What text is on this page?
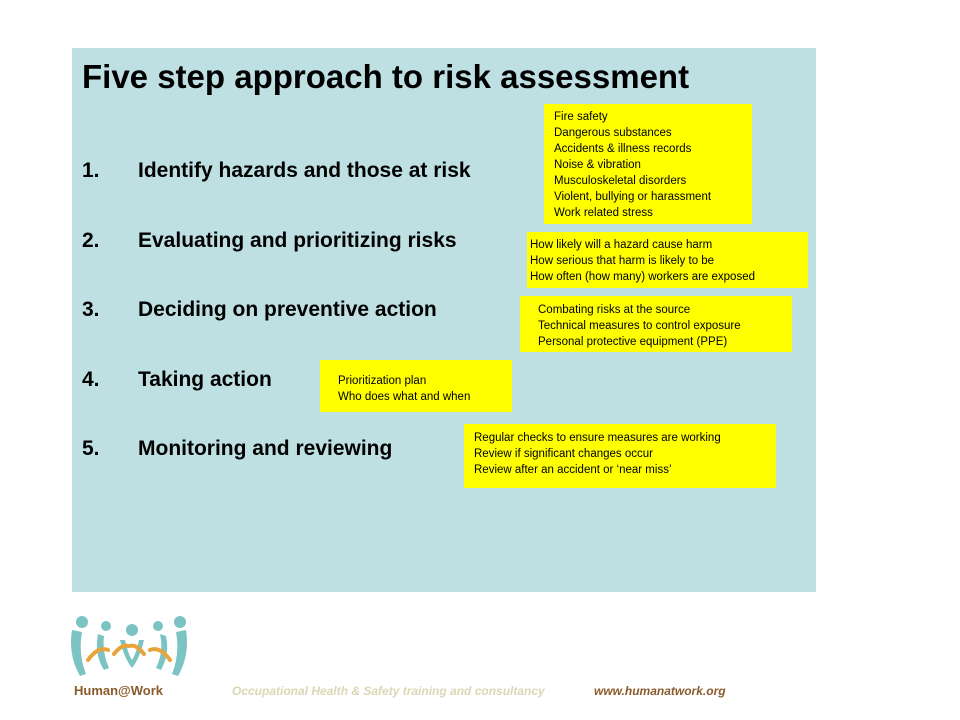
Five step approach to risk assessment
1. Identify hazards and those at risk
2. Evaluating and prioritizing risks
3. Deciding on preventive action
4. Taking action
5. Monitoring and reviewing
Fire safety
Dangerous substances
Accidents & illness records
Noise & vibration
Musculoskeletal disorders
Violent, bullying or harassment
Work related stress
How likely will a hazard cause harm
How serious that harm is likely to be
How often (how many) workers are exposed
Combating risks at the source
Technical measures to control exposure
Personal protective equipment (PPE)
Prioritization plan
Who does what and when
Regular checks to ensure measures are working
Review if significant changes occur
Review after an accident or ‘near miss’
Human@Work	Occupational Health & Safety training and consultancy	www.humanatwork.org
